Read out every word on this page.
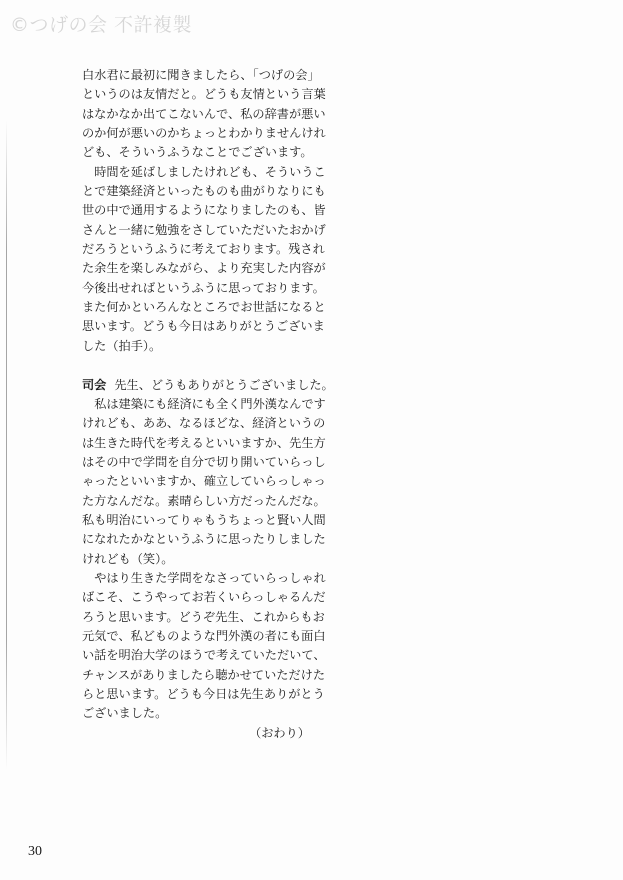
©つげの会 不許複製
白水君に最初に聞きましたら、「つげの会」
というのは友情だと。どうも友情という言葉
はなかなか出てこないんで、私の辞書が悪い
のか何が悪いのかちょっとわかりませんけれ
ども、そういうふうなことでございます。
時間を延ばしましたけれども、そういうこ
とで建築経済といったものも曲がりなりにも
世の中で通用するようになりましたのも、皆
さんと一緒に勉強をさしていただいたおかげ
だろうというふうに考えております。残され
た余生を楽しみながら、より充実した内容が
今後出せればというふうに思っております。
また何かといろんなところでお世話になると
思います。どうも今日はありがとうございま
した（拍手）。
司会 先生、どうもありがとうございました。
私は建築にも経済にも全く門外漢なんです
けれども、ああ、なるほどな、経済というの
は生きた時代を考えるといいますか、先生方
はその中で学問を自分で切り開いていらっし
ゃったといいますか、確立していらっしゃっ
た方なんだな。素晴らしい方だったんだな。
私も明治にいってりゃもうちょっと賢い人間
になれたかなというふうに思ったりしました
けれども（笑）。
やはり生きた学問をなさっていらっしゃれ
ばこそ、こうやってお若くいらっしゃるんだ
ろうと思います。どうぞ先生、これからもお
元気で、私どものような門外漢の者にも面白
い話を明治大学のほうで考えていただいて、
チャンスがありましたら聴かせていただけた
らと思います。どうも今日は先生ありがとう
ございました。
（おわり）
30
